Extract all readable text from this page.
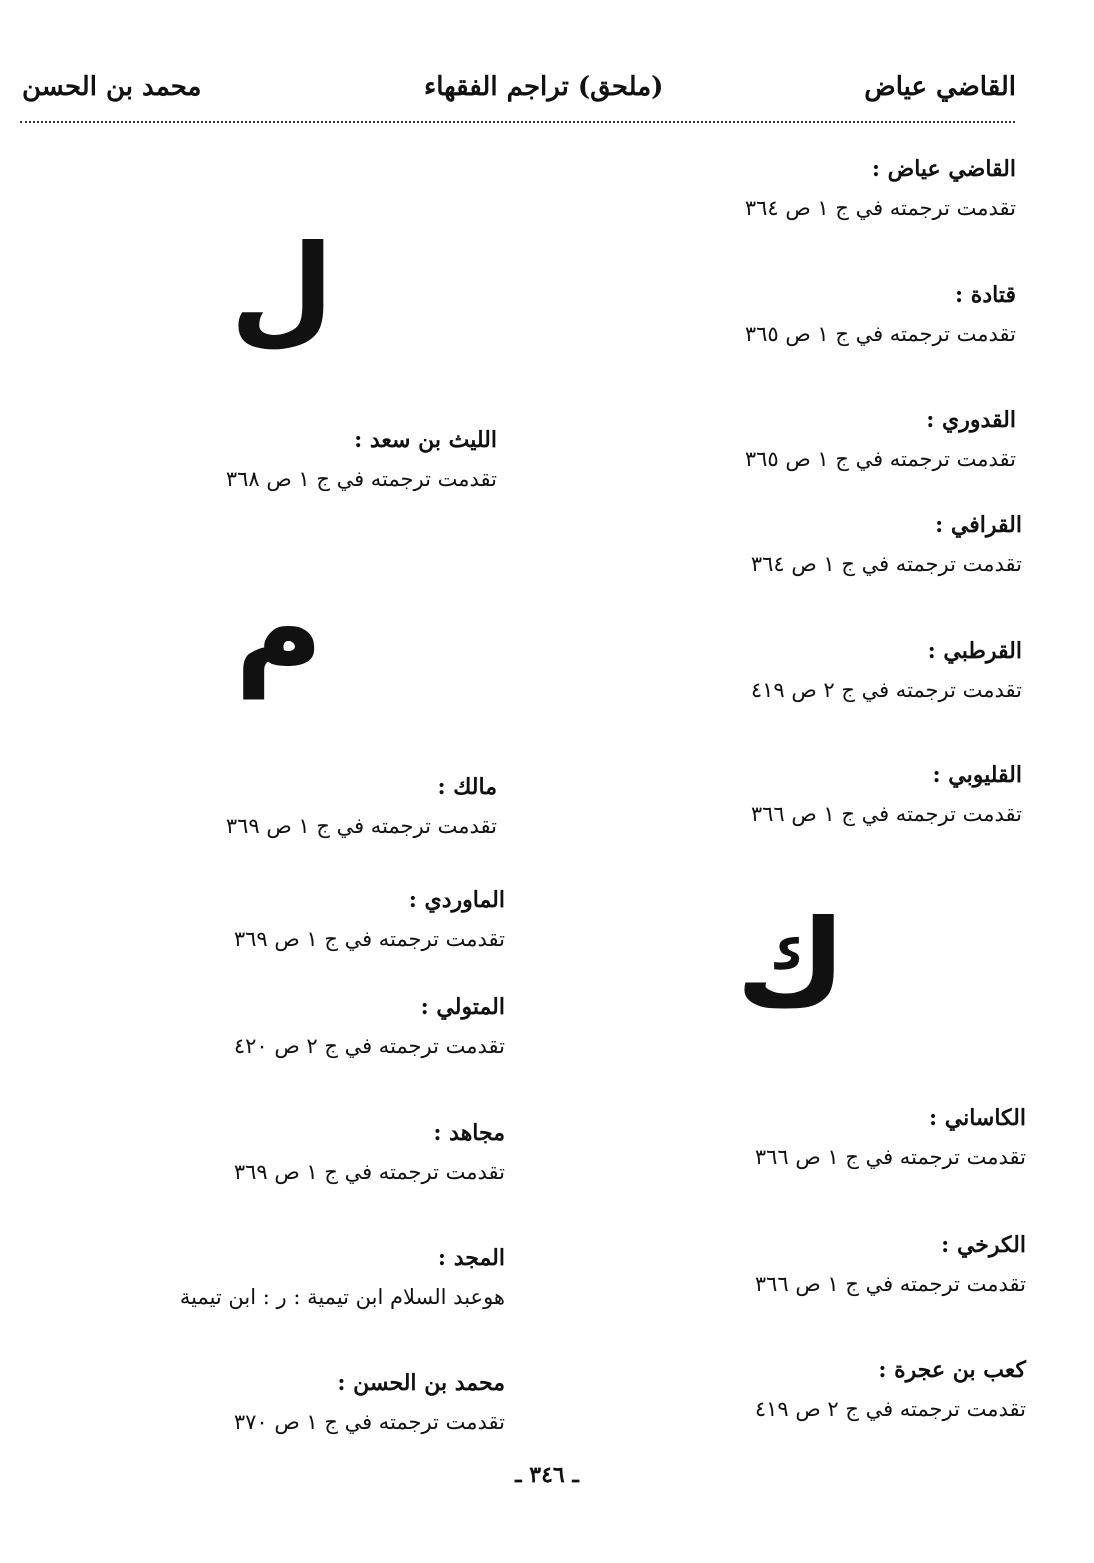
القاضي عياض
(ملحق) تراجم الفقهاء
محمد بن الحسن
القاضي عياض :
تقدمت ترجمته في ج ١ ص ٣٦٤
قتادة :
تقدمت ترجمته في ج ١ ص ٣٦٥
القدوري :
تقدمت ترجمته في ج ١ ص ٣٦٥
القرافي :
تقدمت ترجمته في ج ١ ص ٣٦٤
القرطبي :
تقدمت ترجمته في ج ٢ ص ٤١٩
القليوبي :
تقدمت ترجمته في ج ١ ص ٣٦٦
ك
الكاساني :
تقدمت ترجمته في ج ١ ص ٣٦٦
الكرخي :
تقدمت ترجمته في ج ١ ص ٣٦٦
كعب بن عجرة :
تقدمت ترجمته في ج ٢ ص ٤١٩
ل
الليث بن سعد :
تقدمت ترجمته في ج ١ ص ٣٦٨
م
مالك :
تقدمت ترجمته في ج ١ ص ٣٦٩
الماوردي :
تقدمت ترجمته في ج ١ ص ٣٦٩
المتولي :
تقدمت ترجمته في ج ٢ ص ٤٢٠
مجاهد :
تقدمت ترجمته في ج ١ ص ٣٦٩
المجد :
هوعبد السلام ابن تيمية : ر : ابن تيمية
محمد بن الحسن :
تقدمت ترجمته في ج ١ ص ٣٧٠
ـ ٣٤٦ ـ
